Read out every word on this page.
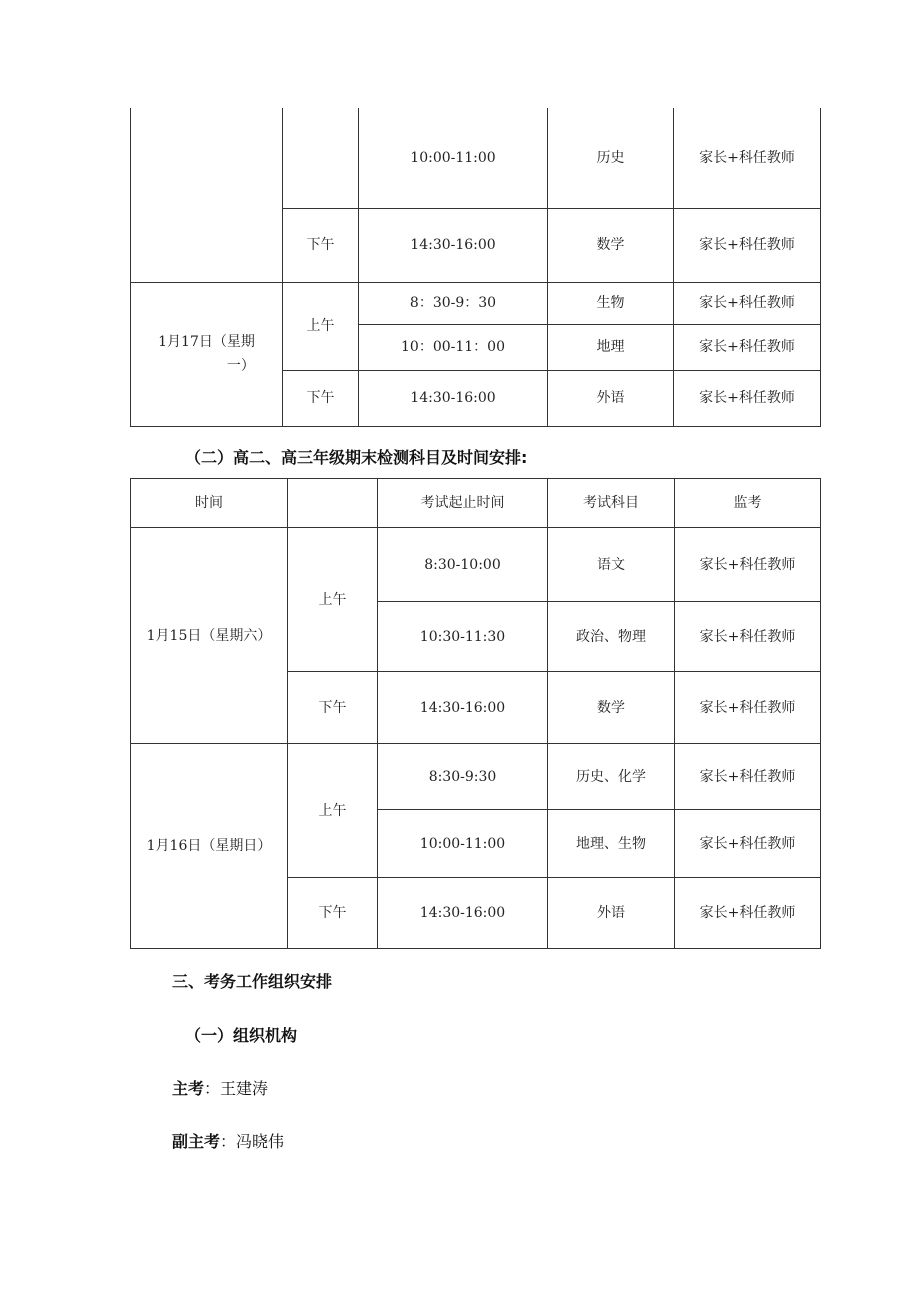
		10:00-11:00	历史	家长+科任教师
	下午	14:30-16:00	数学	家长+科任教师
1月17日（星期
一）	上午	8：30-9：30	生物	家长+科任教师
		10：00-11：00	地理	家长+科任教师
	下午	14:30-16:00	外语	家长+科任教师
（二）高二、高三年级期末检测科目及时间安排:
时间		考试起止时间	考试科目	监考
1月15日（星期六）	上午	8:30-10:00	语文	家长+科任教师
		10:30-11:30	政治、物理	家长+科任教师
	下午	14:30-16:00	数学	家长+科任教师
1月16日（星期日）	上午	8:30-9:30	历史、化学	家长+科任教师
		10:00-11:00	地理、生物	家长+科任教师
	下午	14:30-16:00	外语	家长+科任教师
三、考务工作组织安排
（一）组织机构
主考：王建涛
副主考：冯晓伟
